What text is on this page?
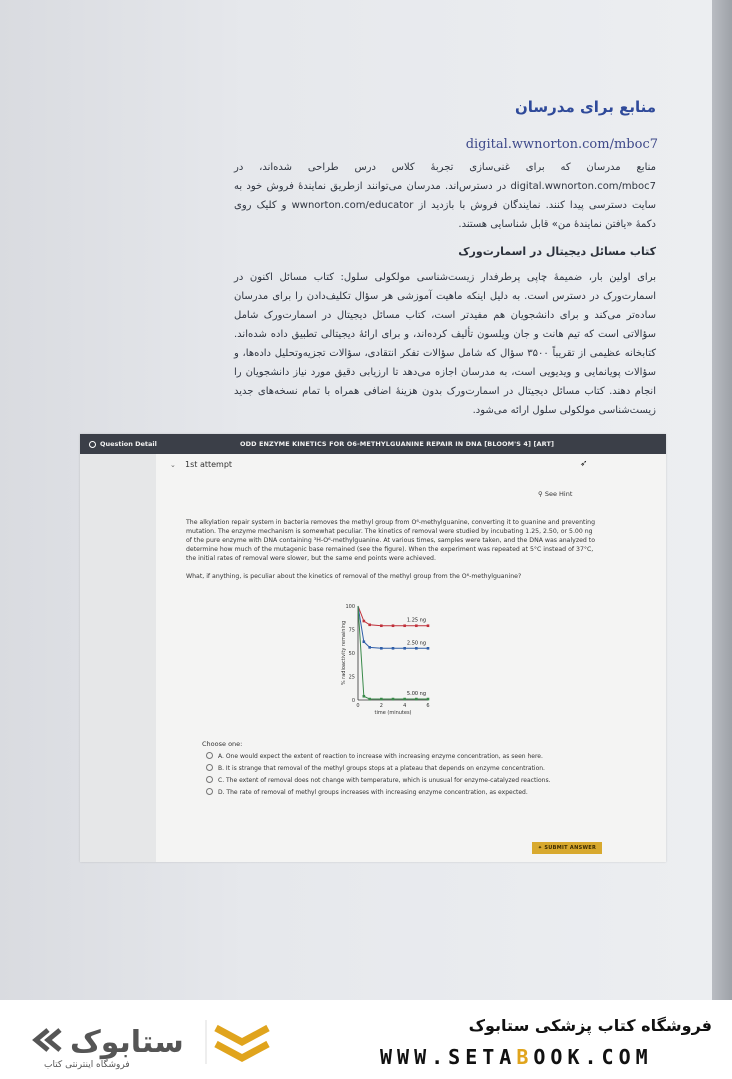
منابع برای مدرسان
digital.wwnorton.com/mboc7
منابع مدرسان که برای غنی‌سازی تجربهٔ کلاس درس طراحی شده‌اند، در digital.wwnorton.com/mboc7 در دسترس‌اند. مدرسان می‌توانند ازطریق نمایندهٔ فروش خود به سایت دسترسی پیدا کنند. نمایندگان فروش با بازدید از wwnorton.com/educator و کلیک روی دکمهٔ «یافتن نمایندهٔ من» قابل شناسایی هستند.
کتاب مسائل دیجیتال در اسمارت‌ورک
برای اولین بار، ضمیمهٔ چاپی پرطرفدار زیست‌شناسی مولکولی سلول: کتاب مسائل اکنون در اسمارت‌ورک در دسترس است. به دلیل اینکه ماهیت آموزشی هر سؤال تکلیف‌دادن را برای مدرسان ساده‌تر می‌کند و برای دانشجویان هم مفیدتر است، کتاب مسائل دیجیتال در اسمارت‌ورک شامل سؤالاتی است که تیم هانت و جان ویلسون تألیف کرده‌اند، و برای ارائهٔ دیجیتالی تطبیق داده شده‌اند. کتابخانه عظیمی از تقریباً ۳۵۰۰ سؤال که شامل سؤالات تفکر انتقادی، سؤالات تجزیه‌وتحلیل داده‌ها، و سؤالات پویانمایی و ویدیویی است، به مدرسان اجازه می‌دهد تا ارزیابی دقیق مورد نیاز دانشجویان را انجام دهند. کتاب مسائل دیجیتال در اسمارت‌ورک بدون هزینهٔ اضافی همراه با تمام نسخه‌های جدید زیست‌شناسی مولکولی سلول ارائه می‌شود.
Question Detail	ODD ENZYME KINETICS FOR O6-METHYLGUANINE REPAIR IN DNA [BLOOM'S 4] [ART]
⌄ 1st attempt	➶
⚲ See Hint
The alkylation repair system in bacteria removes the methyl group from O⁶-methylguanine, converting it to guanine and preventing mutation. The enzyme mechanism is somewhat peculiar. The kinetics of removal were studied by incubating 1.25, 2.50, or 5.00 ng of the pure enzyme with DNA containing ³H-O⁶-methylguanine. At various times, samples were taken, and the DNA was analyzed to determine how much of the mutagenic base remained (see the figure). When the experiment was repeated at 5°C instead of 37°C, the initial rates of removal were slower, but the same end points were achieved.
What, if anything, is peculiar about the kinetics of removal of the methyl group from the O⁶-methylguanine?
0
25
50
75
100
0	2	4	6
time (minutes)
% radioactivity remaining
1.25 ng
2.50 ng
5.00 ng
Choose one:
A. One would expect the extent of reaction to increase with increasing enzyme concentration, as seen here.
B. It is strange that removal of the methyl groups stops at a plateau that depends on enzyme concentration.
C. The extent of removal does not change with temperature, which is unusual for enzyme-catalyzed reactions.
D. The rate of removal of methyl groups increases with increasing enzyme concentration, as expected.
✦ SUBMIT ANSWER
ستابوک
فروشگاه اینترنتی کتاب
فروشگاه کتاب پزشکی ستابوک
WWW.SETABOOK.COM
